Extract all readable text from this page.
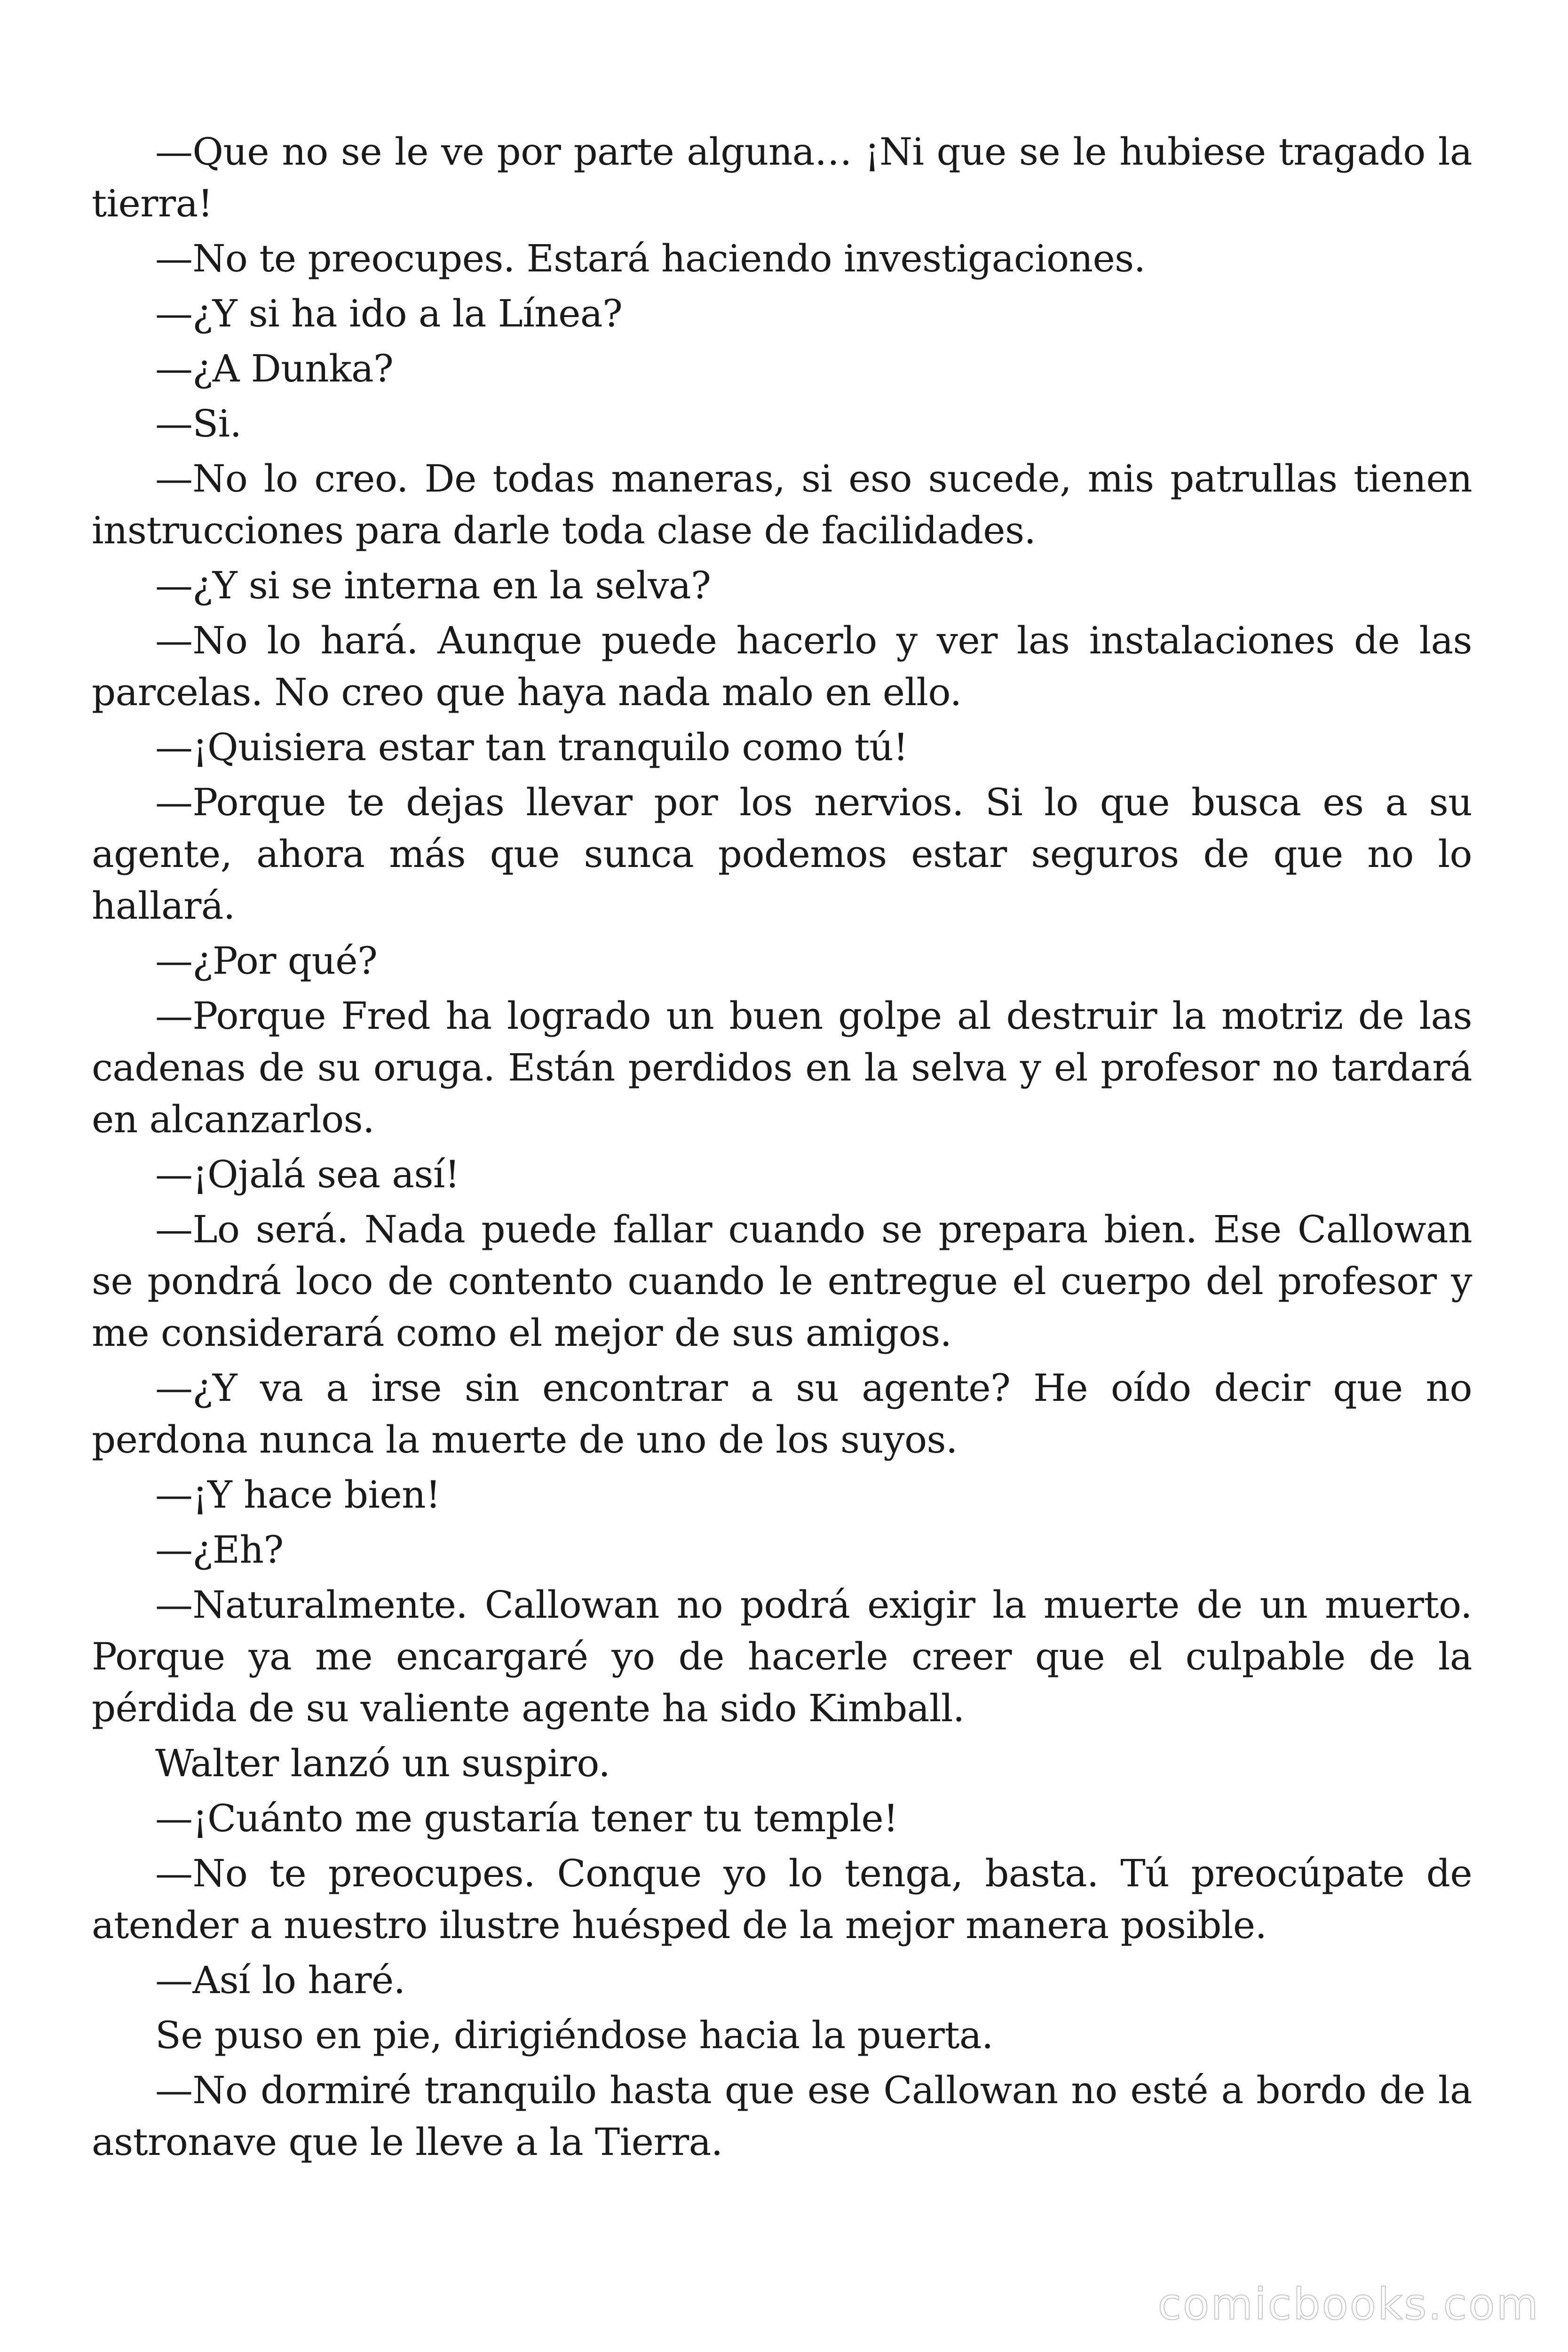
—Que no se le ve por parte alguna… ¡Ni que se le hubiese tragado la tierra!

—No te preocupes. Estará haciendo investigaciones.

—¿Y si ha ido a la Línea?

—¿A Dunka?

—Si.

—No lo creo. De todas maneras, si eso sucede, mis patrullas tienen instrucciones para darle toda clase de facilidades.

—¿Y si se interna en la selva?

—No lo hará. Aunque puede hacerlo y ver las instalaciones de las parcelas. No creo que haya nada malo en ello.

—¡Quisiera estar tan tranquilo como tú!

—Porque te dejas llevar por los nervios. Si lo que busca es a su agente, ahora más que sunca podemos estar seguros de que no lo hallará.

—¿Por qué?

—Porque Fred ha logrado un buen golpe al destruir la motriz de las cadenas de su oruga. Están perdidos en la selva y el profesor no tardará en alcanzarlos.

—¡Ojalá sea así!

—Lo será. Nada puede fallar cuando se prepara bien. Ese Callowan se pondrá loco de contento cuando le entregue el cuerpo del profesor y me considerará como el mejor de sus amigos.

—¿Y va a irse sin encontrar a su agente? He oído decir que no perdona nunca la muerte de uno de los suyos.

—¡Y hace bien!

—¿Eh?

—Naturalmente. Callowan no podrá exigir la muerte de un muerto. Porque ya me encargaré yo de hacerle creer que el culpable de la pérdida de su valiente agente ha sido Kimball.

Walter lanzó un suspiro.

—¡Cuánto me gustaría tener tu temple!

—No te preocupes. Conque yo lo tenga, basta. Tú preocúpate de atender a nuestro ilustre huésped de la mejor manera posible.

—Así lo haré.

Se puso en pie, dirigiéndose hacia la puerta.

—No dormiré tranquilo hasta que ese Callowan no esté a bordo de la astronave que le lleve a la Tierra.

comicbooks.com
